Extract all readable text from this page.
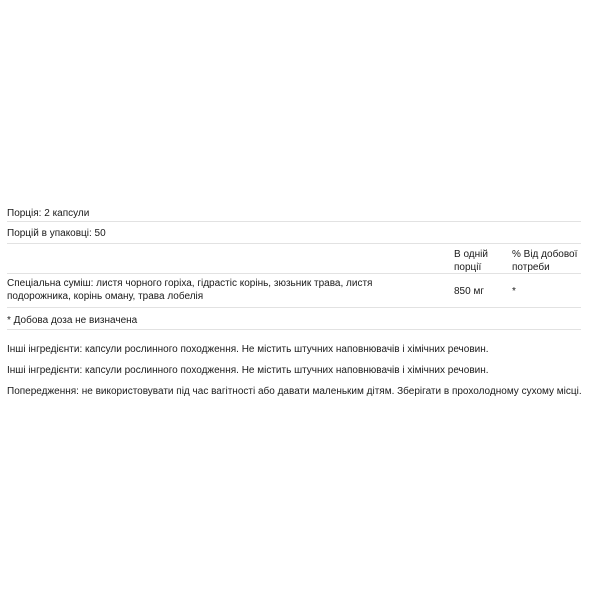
Порція: 2 капсули
Порцій в упаковці: 50
В одній порції
% Від добової потреби
Спеціальна суміш: листя чорного горіха, гідрастіс корінь, зюзьник трава, листя подорожника, корінь оману, трава лобелія	850 мг	*
* Добова доза не визначена
Інші інгредієнти: капсули рослинного походження. Не містить штучних наповнювачів і хімічних речовин.
Інші інгредієнти: капсули рослинного походження. Не містить штучних наповнювачів і хімічних речовин.
Попередження: не використовувати під час вагітності або давати маленьким дітям. Зберігати в прохолодному сухому місці.
